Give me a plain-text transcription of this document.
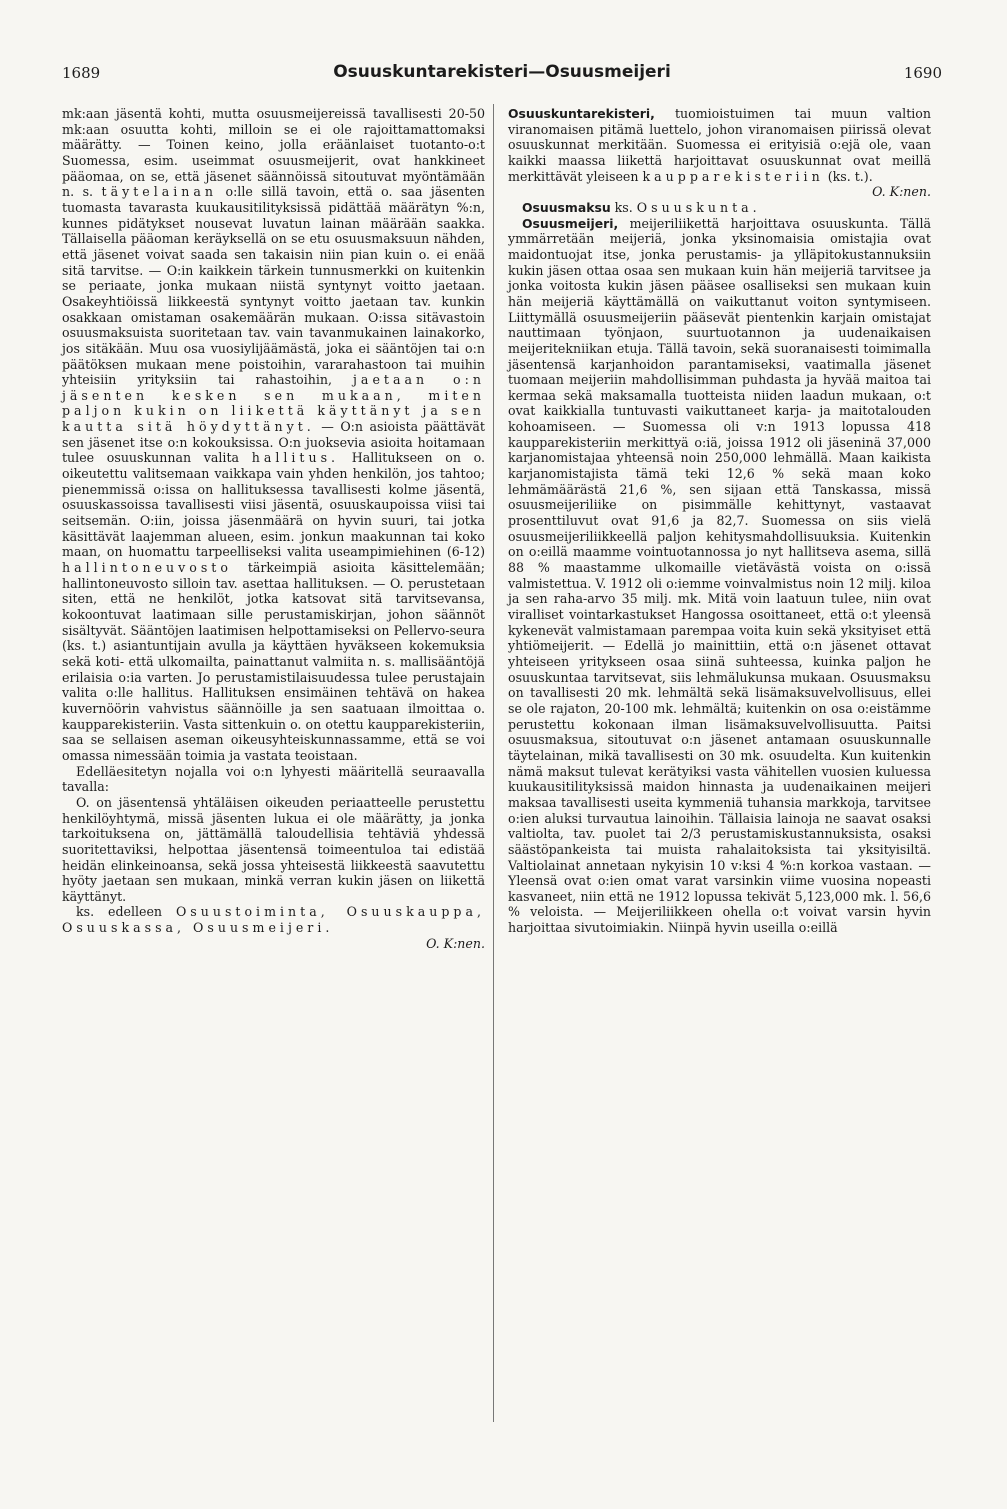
1689	Osuuskuntarekisteri—Osuusmeijeri	1690

mk:aan jäsentä kohti, mutta osuusmeijereissä tavallisesti 20-50 mk:aan osuutta kohti, milloin se ei ole rajoittamattomaksi määrätty. — Toinen keino, jolla eräänlaiset tuotanto-o:t Suomessa, esim. useimmat osuusmeijerit, ovat hankkineet pääomaa, on se, että jäsenet säännöissä sitoutuvat myöntämään n. s. täytelainan o:lle sillä tavoin, että o. saa jäsenten tuomasta tavarasta kuukausitilityksissä pidättää määrätyn %:n, kunnes pidätykset nousevat luvatun lainan määrään saakka. Tällaisella pääoman keräyksellä on se etu osuusmaksuun nähden, että jäsenet voivat saada sen takaisin niin pian kuin o. ei enää sitä tarvitse. — O:in kaikkein tärkein tunnusmerkki on kuitenkin se periaate, jonka mukaan niistä syntynyt voitto jaetaan. Osakeyhtiöissä liikkeestä syntynyt voitto jaetaan tav. kunkin osakkaan omistaman osakemäärän mukaan. O:issa sitävastoin osuusmaksuista suoritetaan tav. vain tavanmukainen lainakorko, jos sitäkään. Muu osa vuosiylijäämästä, joka ei sääntöjen tai o:n päätöksen mukaan mene poistoihin, vararahastoon tai muihin yhteisiin yrityksiin tai rahastoihin, jaetaan o:n jäsenten kesken sen mukaan, miten paljon kukin on liikettä käyttänyt ja sen kautta sitä höydyttänyt. — O:n asioista päättävät sen jäsenet itse o:n kokouksissa. O:n juoksevia asioita hoitamaan tulee osuuskunnan valita hallitus. Hallitukseen on o. oikeutettu valitsemaan vaikkapa vain yhden henkilön, jos tahtoo; pienemmissä o:issa on hallituksessa tavallisesti kolme jäsentä, osuuskassoissa tavallisesti viisi jäsentä, osuuskaupoissa viisi tai seitsemän. O:iin, joissa jäsenmäärä on hyvin suuri, tai jotka käsittävät laajemman alueen, esim. jonkun maakunnan tai koko maan, on huomattu tarpeelliseksi valita useampimiehinen (6-12) hallintoneuvosto tärkeimpiä asioita käsittelemään; hallintoneuvosto silloin tav. asettaa hallituksen. — O. perustetaan siten, että ne henkilöt, jotka katsovat sitä tarvitsevansa, kokoontuvat laatimaan sille perustamiskirjan, johon säännöt sisältyvät. Sääntöjen laatimisen helpottamiseksi on Pellervo-seura (ks. t.) asiantuntijain avulla ja käyttäen hyväkseen kokemuksia sekä koti- että ulkomailta, painattanut valmiita n. s. mallisääntöjä erilaisia o:ia varten. Jo perustamistilaisuudessa tulee perustajain valita o:lle hallitus. Hallituksen ensimäinen tehtävä on hakea kuvernöörin vahvistus säännöille ja sen saatuaan ilmoittaa o. kaupparekisteriin. Vasta sittenkuin o. on otettu kaupparekisteriin, saa se sellaisen aseman oikeusyhteiskunnassamme, että se voi omassa nimessään toimia ja vastata teoistaan.

Edelläesitetyn nojalla voi o:n lyhyesti määritellä seuraavalla tavalla:

O. on jäsentensä yhtäläisen oikeuden periaatteelle perustettu henkilöyhtymä, missä jäsenten lukua ei ole määrätty, ja jonka tarkoituksena on, jättämällä taloudellisia tehtäviä yhdessä suoritettaviksi, helpottaa jäsentensä toimeentuloa tai edistää heidän elinkeinoansa, sekä jossa yhteisestä liikkeestä saavutettu hyöty jaetaan sen mukaan, minkä verran kukin jäsen on liikettä käyttänyt.

ks. edelleen Osuustoiminta, Osuuskauppa, Osuuskassa, Osuusmeijeri.

O. K:nen.

Osuuskuntarekisteri, tuomioistuimen tai muun valtion viranomaisen pitämä luettelo, johon viranomaisen piirissä olevat osuuskunnat merkitään. Suomessa ei erityisiä o:ejä ole, vaan kaikki maassa liikettä harjoittavat osuuskunnat ovat meillä merkittävät yleiseen kaupparekisteriin (ks. t.).

O. K:nen.

Osuusmaksu ks. Osuuskunta.

Osuusmeijeri, meijeriliikettä harjoittava osuuskunta. Tällä ymmärretään meijeriä, jonka yksinomaisia omistajia ovat maidontuojat itse, jonka perustamis- ja ylläpitokustannuksiin kukin jäsen ottaa osaa sen mukaan kuin hän meijeriä tarvitsee ja jonka voitosta kukin jäsen pääsee osalliseksi sen mukaan kuin hän meijeriä käyttämällä on vaikuttanut voiton syntymiseen. Liittymällä osuusmeijeriin pääsevät pientenkin karjain omistajat nauttimaan työnjaon, suurtuotannon ja uudenaikaisen meijeritekniikan etuja. Tällä tavoin, sekä suoranaisesti toimimalla jäsentensä karjanhoidon parantamiseksi, vaatimalla jäsenet tuomaan meijeriin mahdollisimman puhdasta ja hyvää maitoa tai kermaa sekä maksamalla tuotteista niiden laadun mukaan, o:t ovat kaikkialla tuntuvasti vaikuttaneet karja- ja maitotalouden kohoamiseen. — Suomessa oli v:n 1913 lopussa 418 kaupparekisteriin merkittyä o:iä, joissa 1912 oli jäseninä 37,000 karjanomistajaa yhteensä noin 250,000 lehmällä. Maan kaikista karjanomistajista tämä teki 12,6 % sekä maan koko lehmämäärästä 21,6 %, sen sijaan että Tanskassa, missä osuusmeijeriliike on pisimmälle kehittynyt, vastaavat prosenttiluvut ovat 91,6 ja 82,7. Suomessa on siis vielä osuusmeijeriliikkeellä paljon kehitysmahdollisuuksia. Kuitenkin on o:eillä maamme vointuotannossa jo nyt hallitseva asema, sillä 88 % maastamme ulkomaille vietävästä voista on o:issä valmistettua. V. 1912 oli o:iemme voinvalmistus noin 12 milj. kiloa ja sen raha-arvo 35 milj. mk. Mitä voin laatuun tulee, niin ovat viralliset vointarkastukset Hangossa osoittaneet, että o:t yleensä kykenevät valmistamaan parempaa voita kuin sekä yksityiset että yhtiömeijerit. — Edellä jo mainittiin, että o:n jäsenet ottavat yhteiseen yritykseen osaa siinä suhteessa, kuinka paljon he osuuskuntaa tarvitsevat, siis lehmälukunsa mukaan. Osuusmaksu on tavallisesti 20 mk. lehmältä sekä lisämaksuvelvollisuus, ellei se ole rajaton, 20-100 mk. lehmältä; kuitenkin on osa o:eistämme perustettu kokonaan ilman lisämaksuvelvollisuutta. Paitsi osuusmaksua, sitoutuvat o:n jäsenet antamaan osuuskunnalle täytelainan, mikä tavallisesti on 30 mk. osuudelta. Kun kuitenkin nämä maksut tulevat kerätyiksi vasta vähitellen vuosien kuluessa kuukausitilityksissä maidon hinnasta ja uudenaikainen meijeri maksaa tavallisesti useita kymmeniä tuhansia markkoja, tarvitsee o:ien aluksi turvautua lainoihin. Tällaisia lainoja ne saavat osaksi valtiolta, tav. puolet tai 2/3 perustamiskustannuksista, osaksi säästöpankeista tai muista rahalaitoksista tai yksityisiltä. Valtiolainat annetaan nykyisin 10 v:ksi 4 %:n korkoa vastaan. — Yleensä ovat o:ien omat varat varsinkin viime vuosina nopeasti kasvaneet, niin että ne 1912 lopussa tekivät 5,123,000 mk. l. 56,6 % veloista. — Meijeriliikkeen ohella o:t voivat varsin hyvin harjoittaa sivutoimiakin. Niinpä hyvin useilla o:eillä
